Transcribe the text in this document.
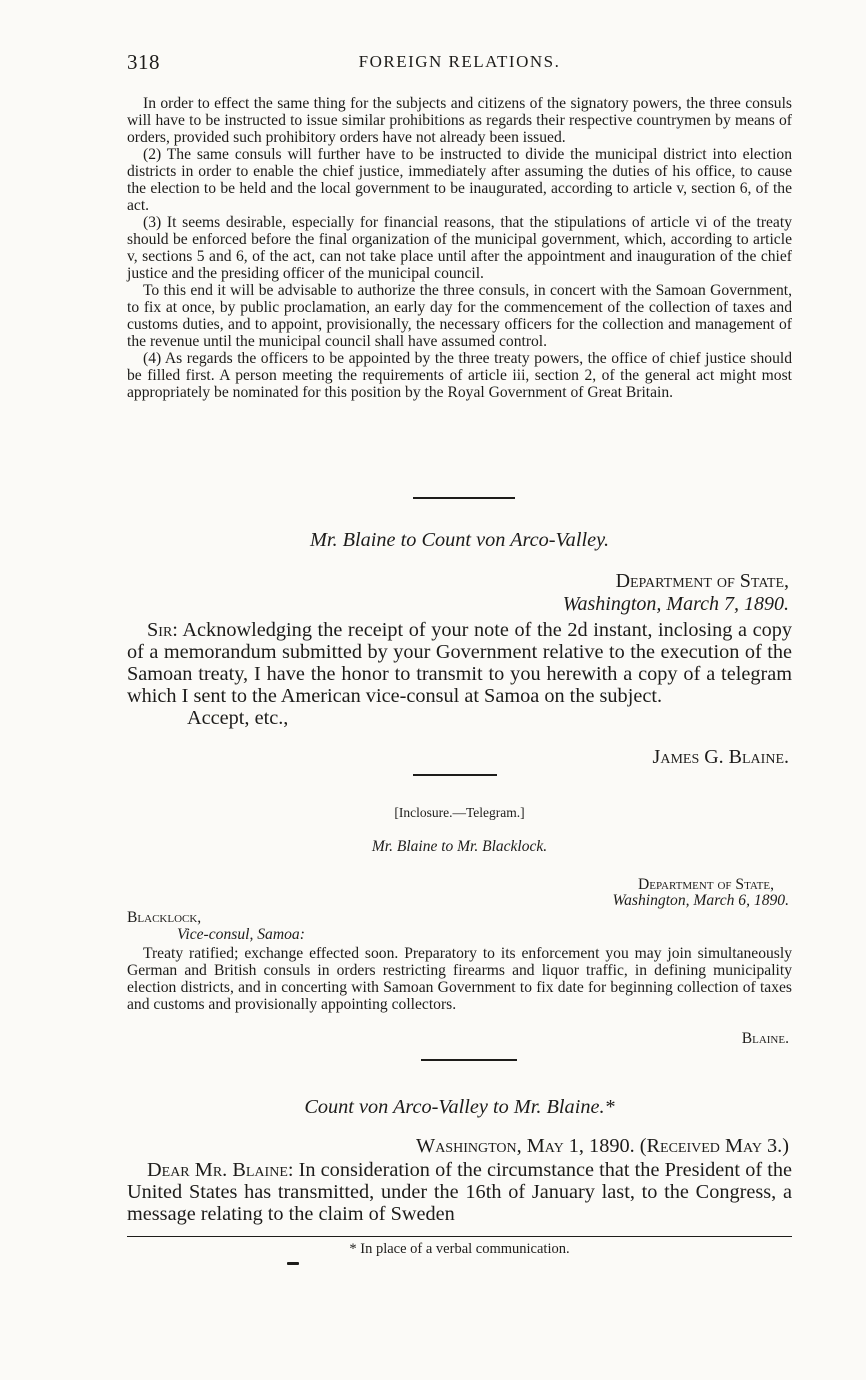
318	FOREIGN RELATIONS.

In order to effect the same thing for the subjects and citizens of the signatory powers, the three consuls will have to be instructed to issue similar prohibitions as regards their respective countrymen by means of orders, provided such prohibitory orders have not already been issued.

(2) The same consuls will further have to be instructed to divide the municipal district into election districts in order to enable the chief justice, immediately after assuming the duties of his office, to cause the election to be held and the local government to be inaugurated, according to article v, section 6, of the act.

(3) It seems desirable, especially for financial reasons, that the stipulations of article vi of the treaty should be enforced before the final organization of the municipal government, which, according to article v, sections 5 and 6, of the act, can not take place until after the appointment and inauguration of the chief justice and the presiding officer of the municipal council.

To this end it will be advisable to authorize the three consuls, in concert with the Samoan Government, to fix at once, by public proclamation, an early day for the commencement of the collection of taxes and customs duties, and to appoint, provisionally, the necessary officers for the collection and management of the revenue until the municipal council shall have assumed control.

(4) As regards the officers to be appointed by the three treaty powers, the office of chief justice should be filled first. A person meeting the requirements of article iii, section 2, of the general act might most appropriately be nominated for this position by the Royal Government of Great Britain.

Mr. Blaine to Count von Arco-Valley.
Department of State,
Washington, March 7, 1890.

Sir: Acknowledging the receipt of your note of the 2d instant, inclosing a copy of a memorandum submitted by your Government relative to the execution of the Samoan treaty, I have the honor to transmit to you herewith a copy of a telegram which I sent to the American vice-consul at Samoa on the subject.

Accept, etc.,

James G. Blaine.
[Inclosure.—Telegram.]
Mr. Blaine to Mr. Blacklock.
Department of State,
Washington, March 6, 1890.
Blacklock,
Vice-consul, Samoa:

Treaty ratified; exchange effected soon. Preparatory to its enforcement you may join simultaneously German and British consuls in orders restricting firearms and liquor traffic, in defining municipality election districts, and in concerting with Samoan Government to fix date for beginning collection of taxes and customs and provisionally appointing collectors.

Blaine.
Count von Arco-Valley to Mr. Blaine.*
Washington, May 1, 1890. (Received May 3.)

Dear Mr. Blaine: In consideration of the circumstance that the President of the United States has transmitted, under the 16th of January last, to the Congress, a message relating to the claim of Sweden

* In place of a verbal communication.
